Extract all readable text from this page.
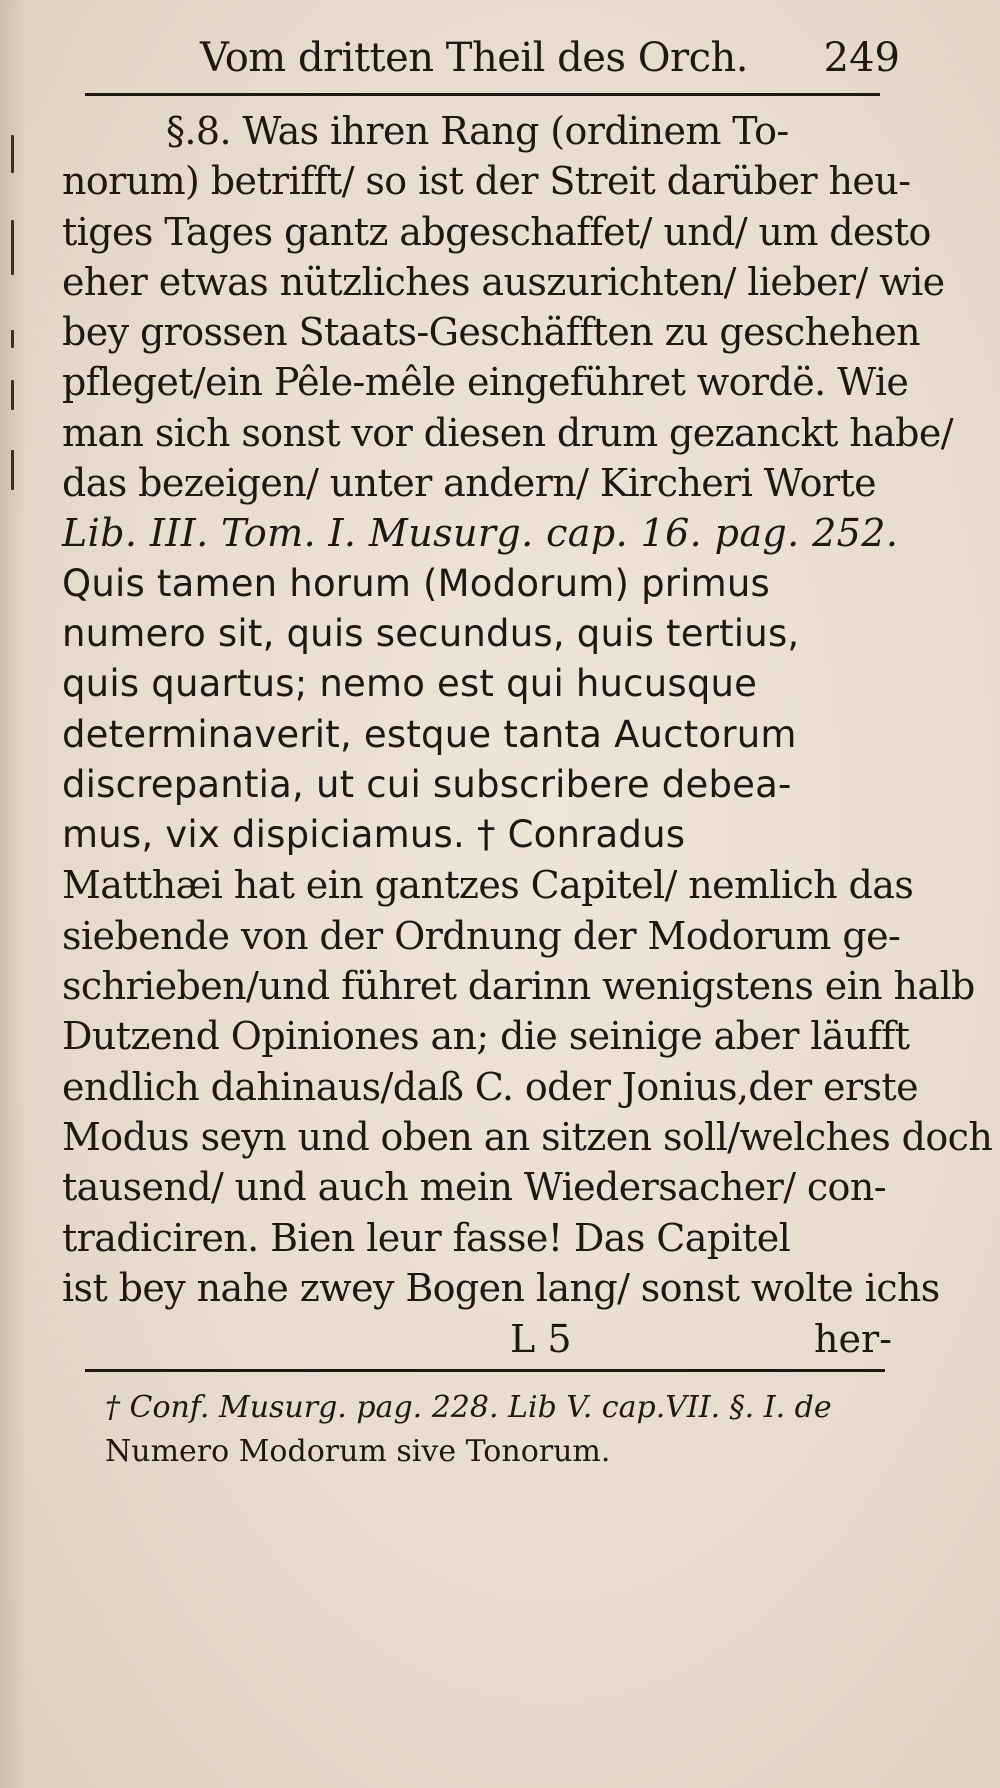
Vom dritten Theil des Orch. 249
§.8. Was ihren Rang (ordinem To-
norum) betrifft/ so ist der Streit darüber heu-
tiges Tages gantz abgeschaffet/ und/ um desto
eher etwas nützliches auszurichten/ lieber/ wie
bey grossen Staats-Geschäfften zu geschehen
pfleget/ein Pêle-mêle eingeführet wordë. Wie
man sich sonst vor diesen drum gezanckt habe/
das bezeigen/ unter andern/ Kircheri Worte
Lib. III. Tom. I. Musurg. cap. 16. pag. 252.
Quis tamen horum (Modorum) primus
numero sit, quis secundus, quis tertius,
quis quartus; nemo est qui hucusque
determinaverit, estque tanta Auctorum
discrepantia, ut cui subscribere debea-
mus, vix dispiciamus. † Conradus
Matthæi hat ein gantzes Capitel/ nemlich das
siebende von der Ordnung der Modorum ge-
schrieben/und führet darinn wenigstens ein halb
Dutzend Opiniones an; die seinige aber läufft
endlich dahinaus/daß C. oder Jonius,der erste
Modus seyn und oben an sitzen soll/welches doch
tausend/ und auch mein Wiedersacher/ con-
tradiciren. Bien leur fasse! Das Capitel
ist bey nahe zwey Bogen lang/ sonst wolte ichs
L 5	her-
† Conf. Musurg. pag. 228. Lib V. cap.VII. §. I. de
Numero Modorum sive Tonorum.
